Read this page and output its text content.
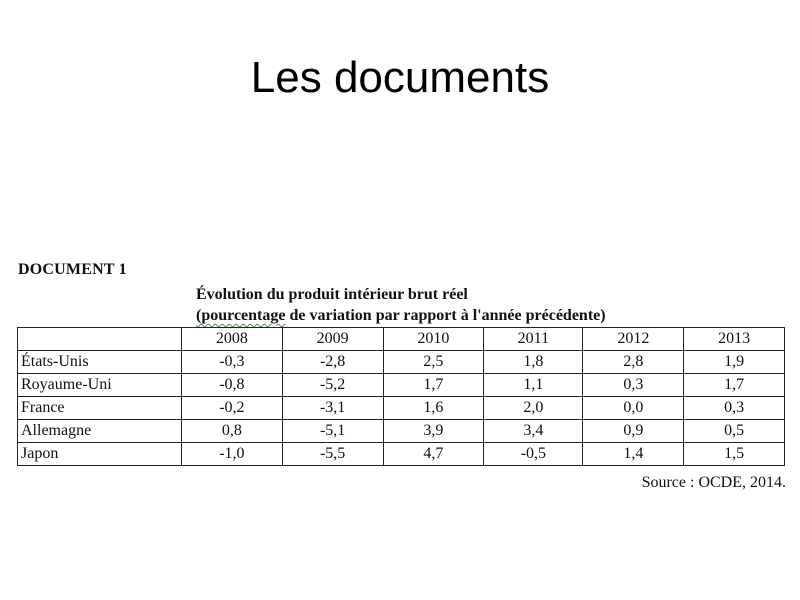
Les documents
DOCUMENT 1
Évolution du produit intérieur brut réel
(pourcentage de variation par rapport à l'année précédente)
	2008	2009	2010	2011	2012	2013
États-Unis	-0,3	-2,8	2,5	1,8	2,8	1,9
Royaume-Uni	-0,8	-5,2	1,7	1,1	0,3	1,7
France	-0,2	-3,1	1,6	2,0	0,0	0,3
Allemagne	0,8	-5,1	3,9	3,4	0,9	0,5
Japon	-1,0	-5,5	4,7	-0,5	1,4	1,5
Source : OCDE, 2014.
